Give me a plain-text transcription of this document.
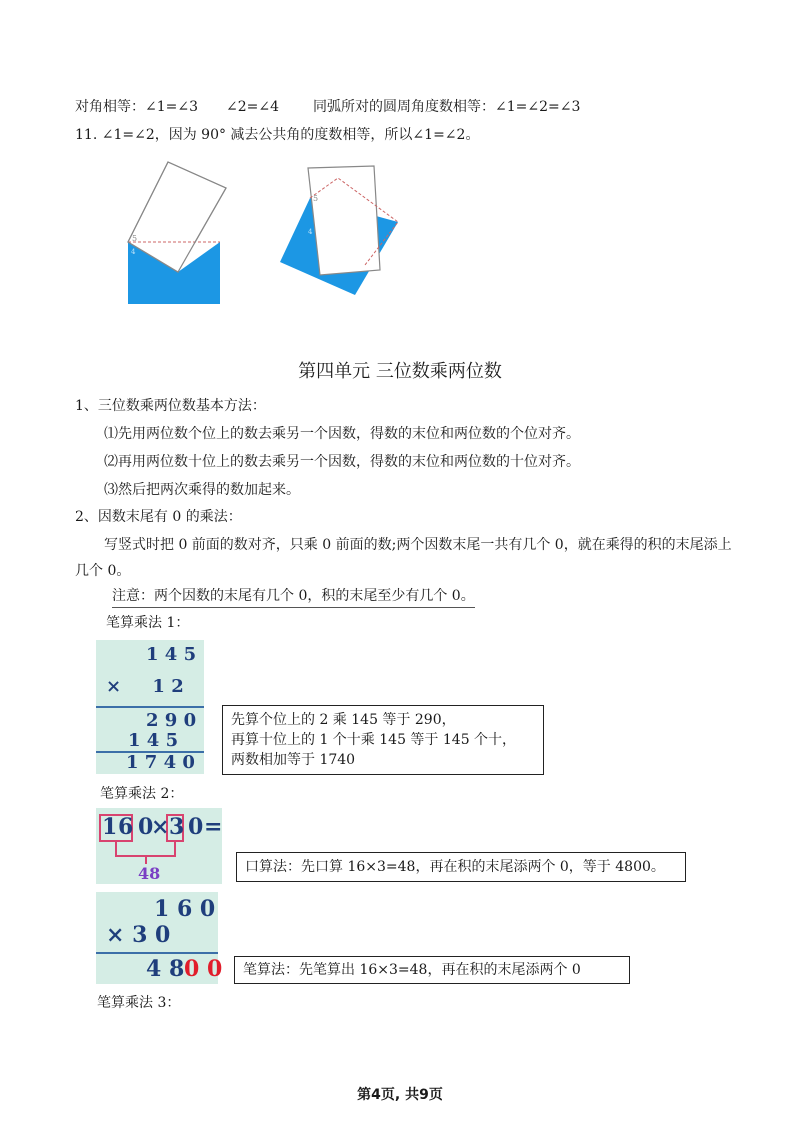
对角相等：∠1=∠3　　∠2=∠4 同弧所对的圆周角度数相等：∠1=∠2=∠3
11. ∠1=∠2，因为 90° 减去公共角的度数相等，所以∠1=∠2。
5
4
5
4
第四单元 三位数乘两位数
1、三位数乘两位数基本方法：
⑴先用两位数个位上的数去乘另一个因数，得数的末位和两位数的个位对齐。
⑵再用两位数十位上的数去乘另一个因数，得数的末位和两位数的十位对齐。
⑶然后把两次乘得的数加起来。
2、因数末尾有 0 的乘法：
写竖式时把 0 前面的数对齐，只乘 0 前面的数;两个因数末尾一共有几个 0，就在乘得的积的末尾添上
几个 0。
注意：两个因数的末尾有几个 0，积的末尾至少有几个 0。
笔算乘法 1：
1 4 5
×     1 2
2 9 0
1 4 5
1 7 4 0
先算个位上的 2 乘 145 等于 290，
再算十位上的 1 个十乘 145 等于 145 个十，
两数相加等于 1740
笔算乘法 2：
1 6 0
× 3 0 =
48	口算法：先口算 16×3=48，再在积的末尾添两个 0，等于 4800。
1 6 0
× 3 0
4 8 0 0	笔算法：先笔算出 16×3=48，再在积的末尾添两个 0
笔算乘法 3：
第4页, 共9页
